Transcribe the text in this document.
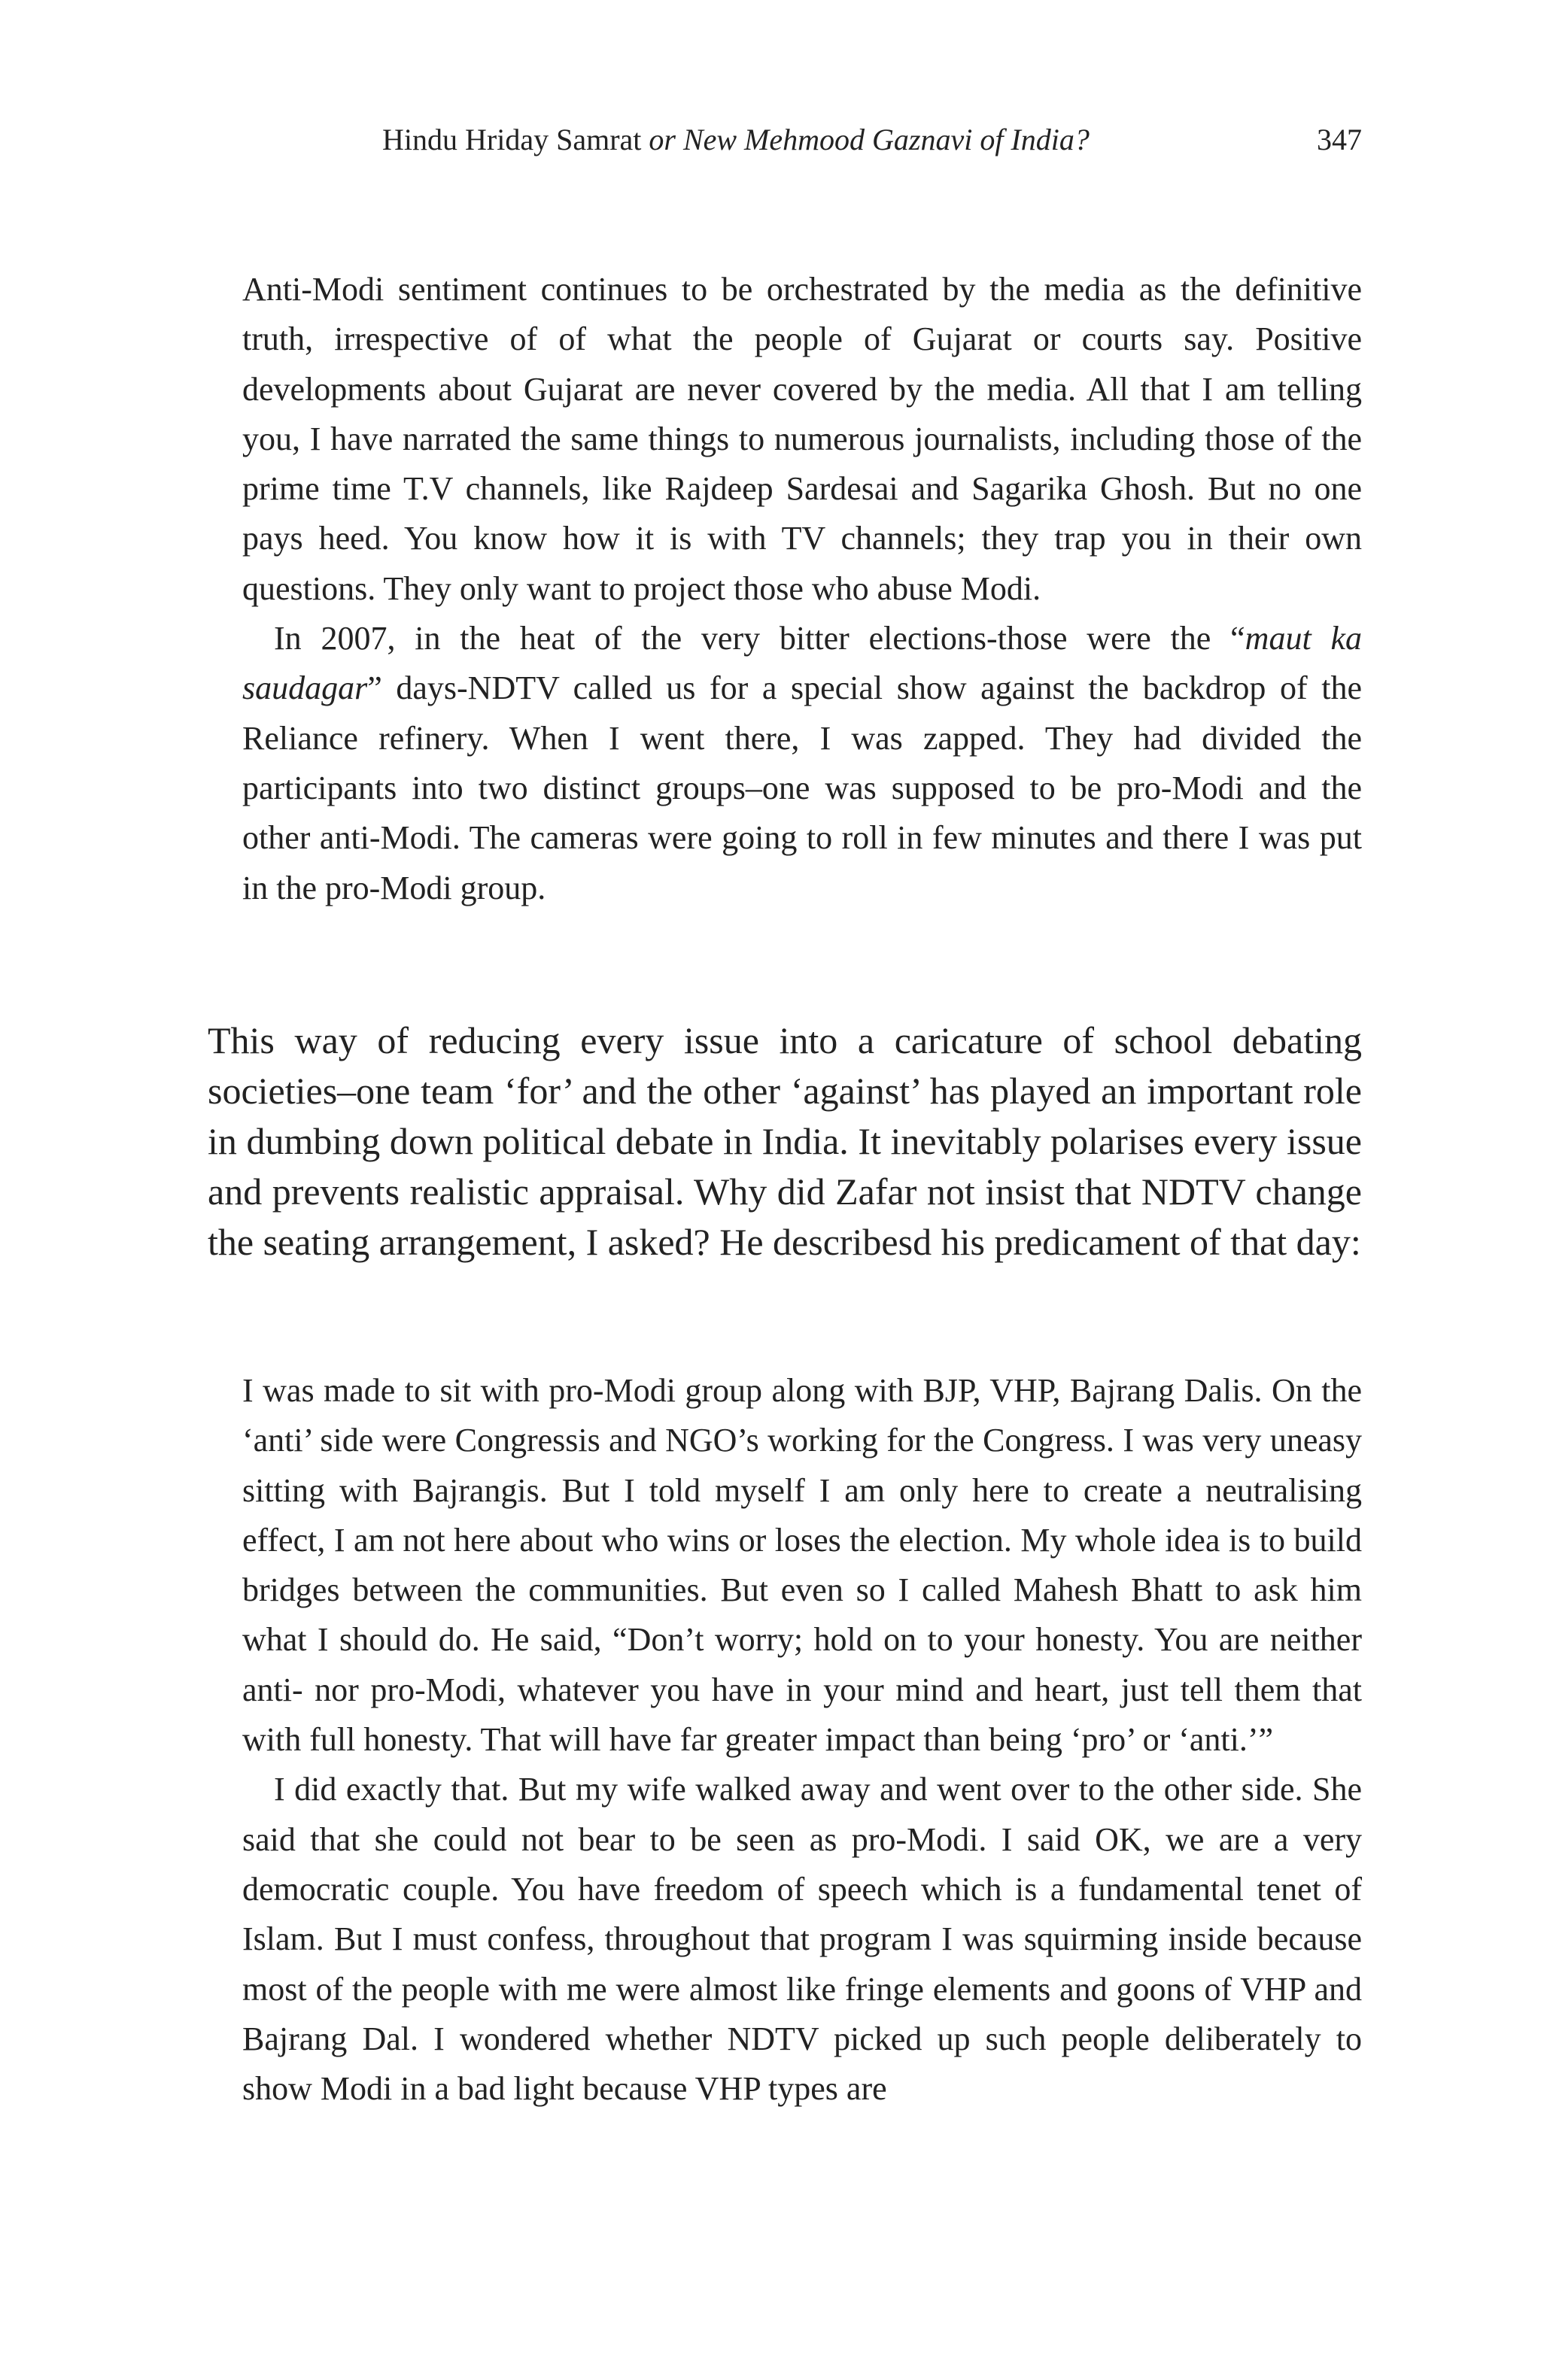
Hindu Hriday Samrat or New Mehmood Gaznavi of India?	347

Anti-Modi sentiment continues to be orchestrated by the media as the definitive truth, irrespective of of what the people of Gujarat or courts say. Positive developments about Gujarat are never covered by the media. All that I am telling you, I have narrated the same things to numerous journalists, including those of the prime time T.V channels, like Rajdeep Sardesai and Sagarika Ghosh. But no one pays heed. You know how it is with TV channels; they trap you in their own questions. They only want to project those who abuse Modi.

In 2007, in the heat of the very bitter elections-those were the “maut ka saudagar” days-NDTV called us for a special show against the backdrop of the Reliance refinery. When I went there, I was zapped. They had divided the participants into two distinct groups–one was supposed to be pro-Modi and the other anti-Modi. The cameras were going to roll in few minutes and there I was put in the pro-Modi group.

This way of reducing every issue into a caricature of school debating societies–one team ‘for’ and the other ‘against’ has played an important role in dumbing down political debate in India. It inevitably polarises every issue and prevents realistic appraisal. Why did Zafar not insist that NDTV change the seating arrangement, I asked? He describesd his predicament of that day:

I was made to sit with pro-Modi group along with BJP, VHP, Bajrang Dalis. On the ‘anti’ side were Congressis and NGO’s working for the Congress. I was very uneasy sitting with Bajrangis. But I told myself I am only here to create a neutralising effect, I am not here about who wins or loses the election. My whole idea is to build bridges between the communities. But even so I called Mahesh Bhatt to ask him what I should do. He said, “Don’t worry; hold on to your honesty. You are neither anti- nor pro-Modi, whatever you have in your mind and heart, just tell them that with full honesty. That will have far greater impact than being ‘pro’ or ‘anti.’”

I did exactly that. But my wife walked away and went over to the other side. She said that she could not bear to be seen as pro-Modi. I said OK, we are a very democratic couple. You have freedom of speech which is a fundamental tenet of Islam. But I must confess, throughout that program I was squirming inside because most of the people with me were almost like fringe elements and goons of VHP and Bajrang Dal. I wondered whether NDTV picked up such people deliberately to show Modi in a bad light because VHP types are
